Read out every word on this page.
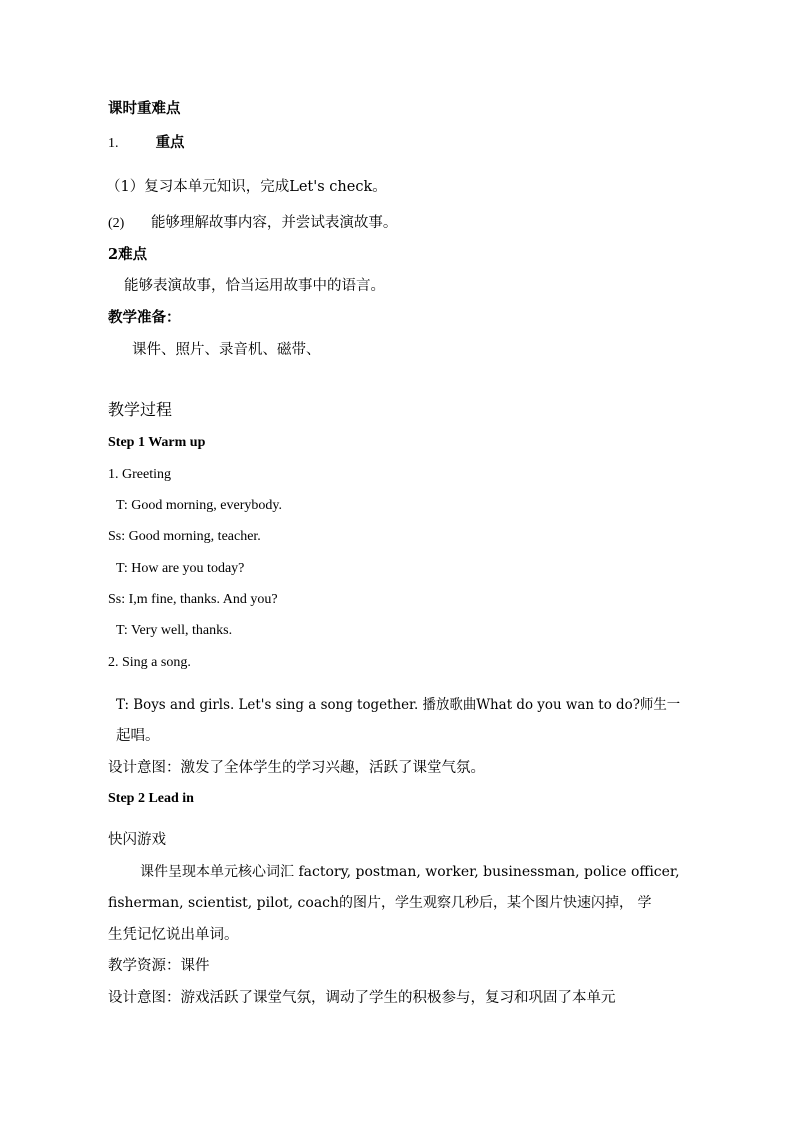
课时重难点
1.	重点
（1）复习本单元知识，完成Let's check。
(2) 能够理解故事内容，并尝试表演故事。
2难点
能够表演故事，恰当运用故事中的语言。
教学准备：
课件、照片、录音机、磁带、
教学过程
Step 1 Warm up
1. Greeting
T: Good morning, everybody.
Ss: Good morning, teacher.
T: How are you today?
Ss: I,m fine, thanks. And you?
T: Very well, thanks.
2. Sing a song.
T: Boys and girls. Let's sing a song together. 播放歌曲What do you wan to do?师生一
起唱。
设计意图：激发了全体学生的学习兴趣，活跃了课堂气氛。
Step 2 Lead in
快闪游戏
课件呈现本单元核心词汇 factory, postman, worker, businessman, police officer,
fisherman, scientist, pilot, coach的图片，学生观察几秒后，某个图片快速闪掉， 学
生凭记忆说出单词。
教学资源：课件
设计意图：游戏活跃了课堂气氛，调动了学生的积极参与，复习和巩固了本单元
